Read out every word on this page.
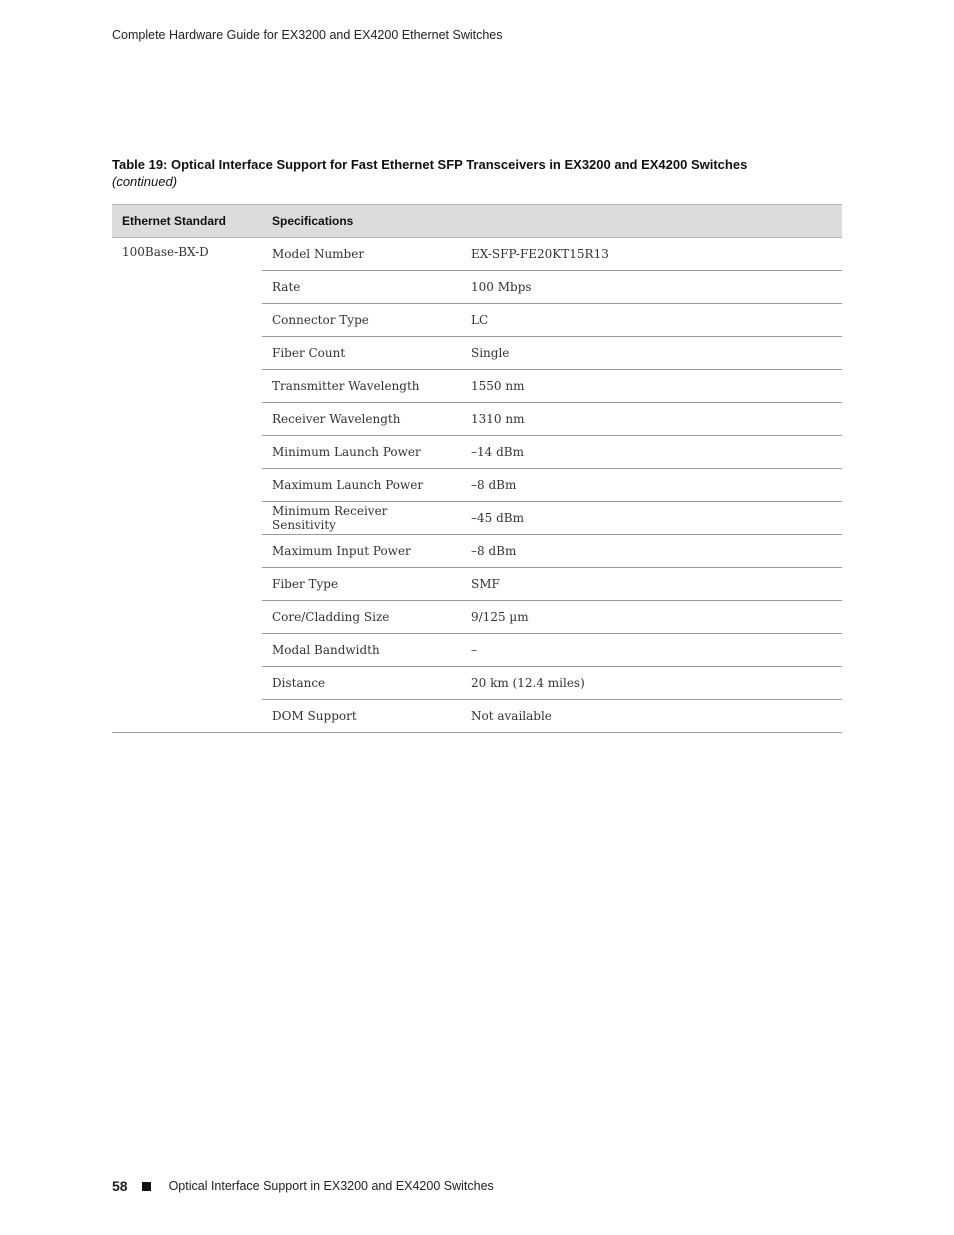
Complete Hardware Guide for EX3200 and EX4200 Ethernet Switches
Table 19: Optical Interface Support for Fast Ethernet SFP Transceivers in EX3200 and EX4200 Switches (continued)
Ethernet Standard	Specifications	
100Base-BX-D	Model Number	EX-SFP-FE20KT15R13
	Rate	100 Mbps
	Connector Type	LC
	Fiber Count	Single
	Transmitter Wavelength	1550 nm
	Receiver Wavelength	1310 nm
	Minimum Launch Power	–14 dBm
	Maximum Launch Power	–8 dBm
	Minimum Receiver Sensitivity	–45 dBm
	Maximum Input Power	–8 dBm
	Fiber Type	SMF
	Core/Cladding Size	9/125 µm
	Modal Bandwidth	–
	Distance	20 km (12.4 miles)
	DOM Support	Not available
58	Optical Interface Support in EX3200 and EX4200 Switches
